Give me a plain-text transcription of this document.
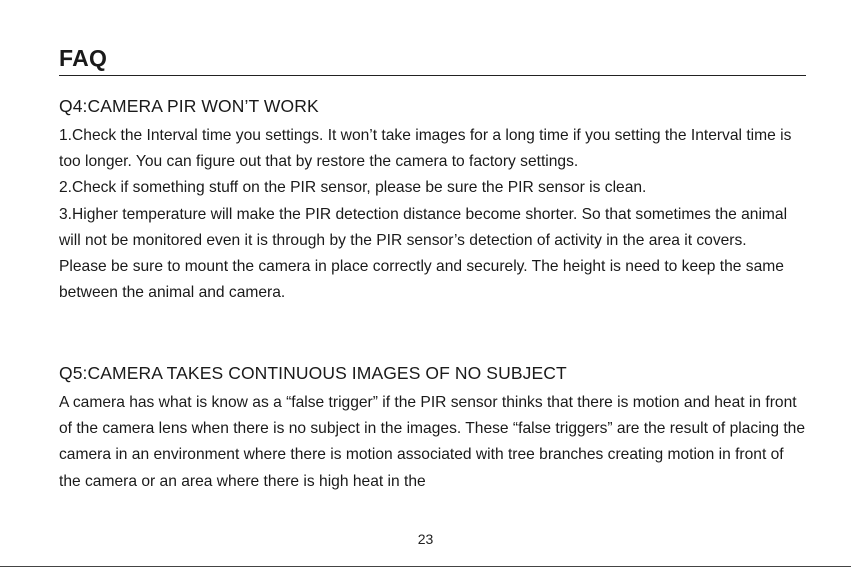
FAQ
Q4:CAMERA PIR WON’T WORK

1.Check the Interval time you settings. It won’t take images for a long time if you setting the Interval time is too longer. You can figure out that by restore the camera to factory settings.

2.Check if something stuff on the PIR sensor, please be sure the PIR sensor is clean.

3.Higher temperature will make the PIR detection distance become shorter. So that sometimes the animal will not be monitored even it is through by the PIR sensor’s detection of activity in the area it covers.

Please be sure to mount the camera in place correctly and securely. The height is need to keep the same between the animal and camera.

Q5:CAMERA TAKES CONTINUOUS IMAGES OF NO SUBJECT

A camera has what is know as a “false trigger” if the PIR sensor thinks that there is motion and heat in front of the camera lens when there is no subject in the images. These “false triggers” are the result of placing the camera in an environment where there is motion associated with tree branches creating motion in front of the camera or an area where there is high heat in the

23
